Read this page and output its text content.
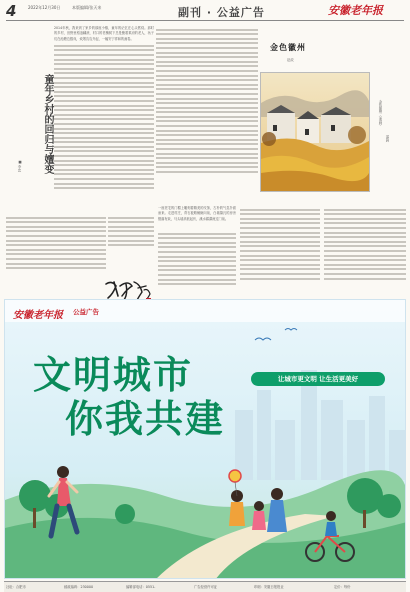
4	2022年12月30日	本版编辑/张天来	副刊 · 公益广告	安徽老年报
童年乡村的回归与嬗变
■ 李忠
2014年秋，我来到了家乡的那座小镇，童年的记忆在心头萦绕。那时的乡村，田野里稻浪翻滚，村口的老槐树下总是聚着乘凉的老人，孩子们在池塘边嬉戏，炊烟袅袅升起，一幅安宁祥和的画卷。
金色徽州
赵政
金色徽州（油画）
邵晨
一座老宅的门楣上雕刻着精美的纹饰，古朴的气息扑面而来。走进村庄，青石板路蜿蜒向前，白墙黛瓦的房舍错落有致，马头墙高低起伏，溪水潺潺流过门前。
安徽老年报 公益广告
文明城市
你我共建
让城市更文明 让生活更美好
社址：合肥市	邮政编码：230000	编辑部电话：0551-	广告经营许可证	印刷：安徽日报报业	定价：每份
